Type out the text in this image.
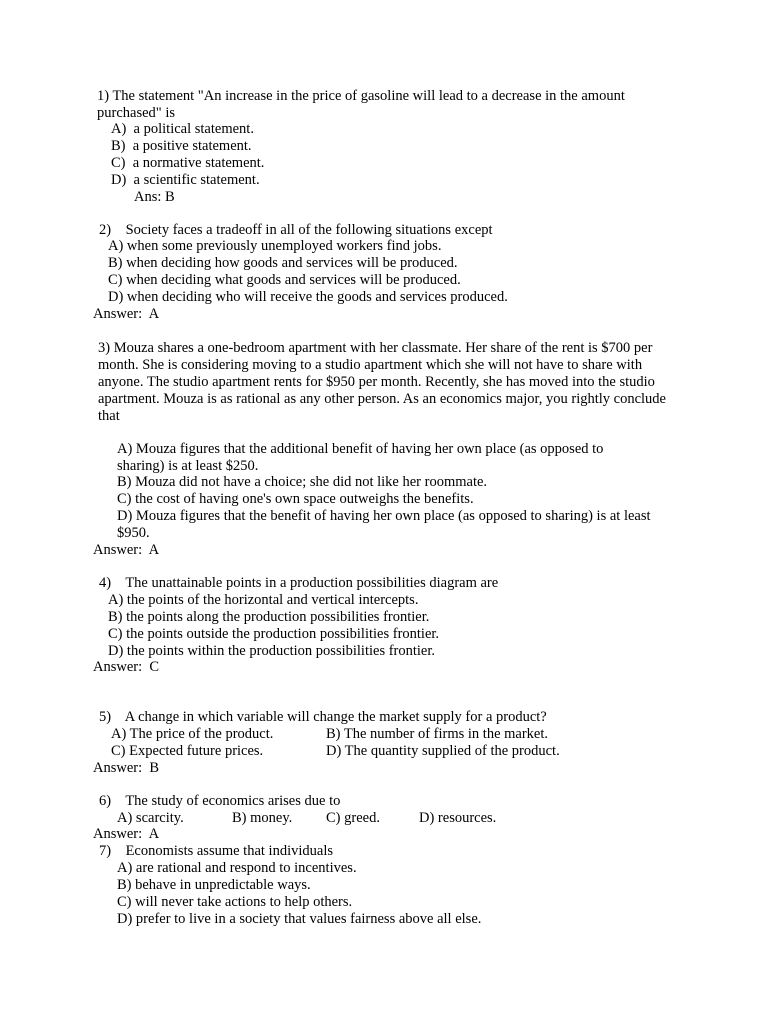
1) The statement "An increase in the price of gasoline will lead to a decrease in the amount purchased" is
A)  a political statement.
B)  a positive statement.
C)  a normative statement.
D)  a scientific statement.
Ans: B
2)    Society faces a tradeoff in all of the following situations except
A) when some previously unemployed workers find jobs.
B) when deciding how goods and services will be produced.
C) when deciding what goods and services will be produced.
D) when deciding who will receive the goods and services produced.
Answer:  A
3) Mouza shares a one-bedroom apartment with her classmate. Her share of the rent is $700 per month. She is considering moving to a studio apartment which she will not have to share with anyone. The studio apartment rents for $950 per month. Recently, she has moved into the studio apartment. Mouza is as rational as any other person. As an economics major, you rightly conclude that
A) Mouza figures that the additional benefit of having her own place (as opposed to sharing) is at least $250.
B) Mouza did not have a choice; she did not like her roommate.
C) the cost of having one's own space outweighs the benefits.
D) Mouza figures that the benefit of having her own place (as opposed to sharing) is at least $950.
Answer:  A
4)    The unattainable points in a production possibilities diagram are
A) the points of the horizontal and vertical intercepts.
B) the points along the production possibilities frontier.
C) the points outside the production possibilities frontier.
D) the points within the production possibilities frontier.
Answer:  C
5)    A change in which variable will change the market supply for a product?
A) The price of the product.	B) The number of firms in the market.
C) Expected future prices.	D) The quantity supplied of the product.
Answer:  B
6)    The study of economics arises due to
A) scarcity.	B) money. C) greed.	D) resources.
Answer:  A
7)    Economists assume that individuals
A) are rational and respond to incentives.
B) behave in unpredictable ways.
C) will never take actions to help others.
D) prefer to live in a society that values fairness above all else.
